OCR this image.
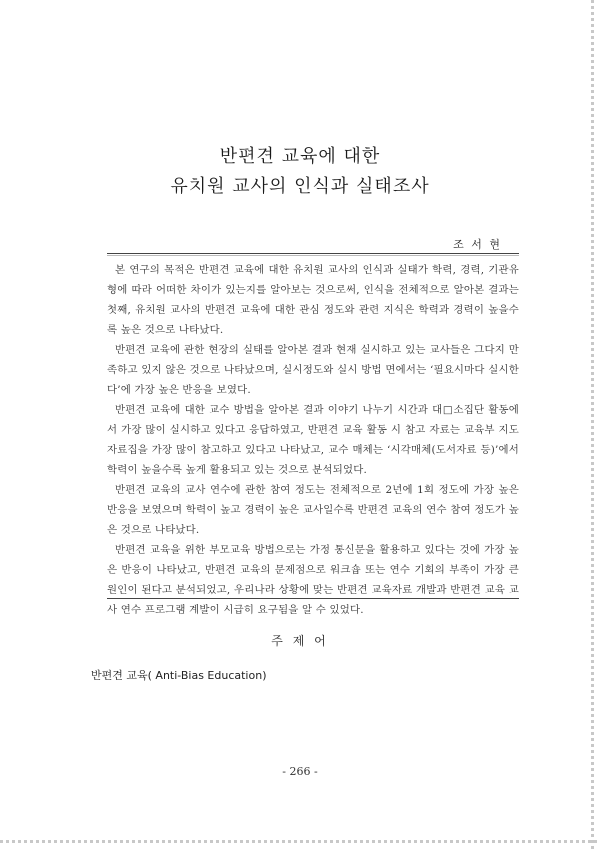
반편견 교육에 대한
유치원 교사의 인식과 실태조사
조 서 현

본 연구의 목적은 반편견 교육에 대한 유치원 교사의 인식과 실태가 학력, 경력, 기관유형에 따라 어떠한 차이가 있는지를 알아보는 것으로써, 인식을 전체적으로 알아본 결과는 첫째, 유치원 교사의 반편견 교육에 대한 관심 정도와 관련 지식은 학력과 경력이 높을수록 높은 것으로 나타났다.

반편견 교육에 관한 현장의 실태를 알아본 결과 현재 실시하고 있는 교사들은 그다지 만족하고 있지 않은 것으로 나타났으며, 실시정도와 실시 방법 면에서는 ‘필요시마다 실시한다’에 가장 높은 반응을 보였다.

반편견 교육에 대한 교수 방법을 알아본 결과 이야기 나누기 시간과 대□소집단 활동에서 가장 많이 실시하고 있다고 응답하였고, 반편견 교육 활동 시 참고 자료는 교육부 지도 자료집을 가장 많이 참고하고 있다고 나타났고, 교수 매체는 ‘시각매체(도서자료 등)’에서 학력이 높을수록 높게 활용되고 있는 것으로 분석되었다.

반편견 교육의 교사 연수에 관한 참여 정도는 전체적으로 2년에 1회 정도에 가장 높은 반응을 보였으며 학력이 높고 경력이 높은 교사일수록 반편견 교육의 연수 참여 정도가 높은 것으로 나타났다.

반편견 교육을 위한 부모교육 방법으로는 가정 통신문을 활용하고 있다는 것에 가장 높은 반응이 나타났고, 반편견 교육의 문제점으로 워크숍 또는 연수 기회의 부족이 가장 큰 원인이 된다고 분석되었고, 우리나라 상황에 맞는 반편견 교육자료 개발과 반편견 교육 교사 연수 프로그램 계발이 시급히 요구됨을 알 수 있었다.

주 제 어
반편견 교육( Anti-Bias Education)
- 266 -
